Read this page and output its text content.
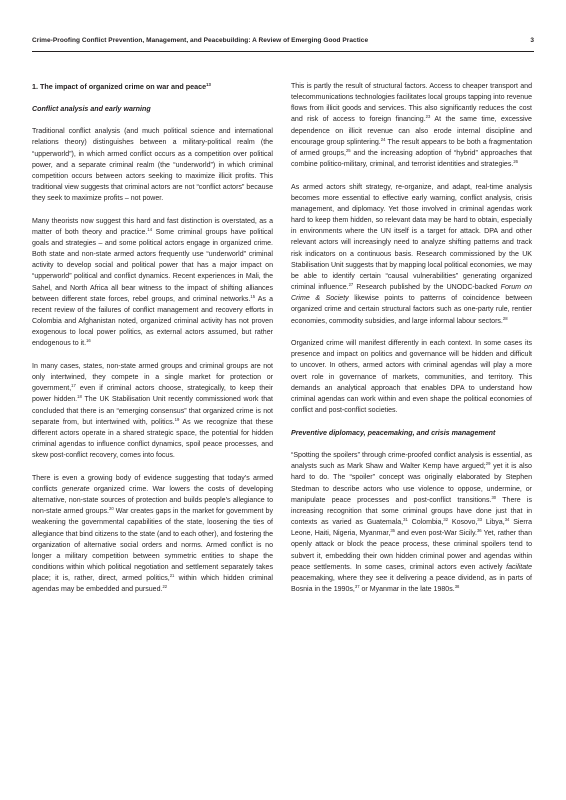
Crime-Proofing Conflict Prevention, Management, and Peacebuilding: A Review of Emerging Good Practice	3
1. The impact of organized crime on war and peace$^{13}$
Conflict analysis and early warning

Traditional conflict analysis (and much political science and international relations theory) distinguishes between a military-political realm (the “upperworld”), in which armed conflict occurs as a competition over political power, and a separate criminal realm (the “underworld”) in which criminal competition occurs between actors seeking to maximize illicit profits. This traditional view suggests that criminal actors are not “conflict actors” because they seek to maximize profits – not power.

Many theorists now suggest this hard and fast distinction is overstated, as a matter of both theory and practice.$^{14}$ Some criminal groups have political goals and strategies – and some political actors engage in organized crime. Both state and non-state armed actors frequently use “underworld” criminal activity to develop social and political power that has a major impact on “upperworld” political and conflict dynamics. Recent experiences in Mali, the Sahel, and North Africa all bear witness to the impact of shifting alliances between different state forces, rebel groups, and criminal networks.$^{15}$ As a recent review of the failures of conflict management and recovery efforts in Colombia and Afghanistan noted, organized criminal activity has not proven exogenous to local power politics, as external actors assumed, but rather endogenous to it.$^{16}$

In many cases, states, non-state armed groups and criminal groups are not only intertwined, they compete in a single market for protection or government,$^{17}$ even if criminal actors choose, strategically, to keep their power hidden.$^{18}$ The UK Stabilisation Unit recently commissioned work that concluded that there is an “emerging consensus” that organized crime is not separate from, but intertwined with, politics.$^{19}$ As we recognize that these different actors operate in a shared strategic space, the potential for hidden criminal agendas to influence conflict dynamics, spoil peace processes, and skew post-conflict recovery, comes into focus.

There is even a growing body of evidence suggesting that today’s armed conflicts generate organized crime. War lowers the costs of developing alternative, non-state sources of protection and builds people’s allegiance to non-state armed groups.$^{20}$ War creates gaps in the market for government by weakening the governmental capabilities of the state, loosening the ties of allegiance that bind citizens to the state (and to each other), and fostering the organization of alternative social orders and norms. Armed conflict is no longer a military competition between symmetric entities to shape the conditions within which political negotiation and settlement separately takes place; it is, rather, direct, armed politics,$^{21}$ within which hidden criminal agendas may be embedded and pursued.$^{22}$

This is partly the result of structural factors. Access to cheaper transport and telecommunications technologies facilitates local groups tapping into revenue flows from illicit goods and services. This also significantly reduces the cost and risk of access to foreign financing.$^{23}$ At the same time, excessive dependence on illicit revenue can also erode internal discipline and encourage group splintering.$^{24}$ The result appears to be both a fragmentation of armed groups,$^{25}$ and the increasing adoption of “hybrid” approaches that combine politico-military, criminal, and terrorist identities and strategies.$^{26}$

As armed actors shift strategy, re-organize, and adapt, real-time analysis becomes more essential to effective early warning, conflict analysis, crisis management, and diplomacy. Yet those involved in criminal agendas work hard to keep them hidden, so relevant data may be hard to obtain, especially in environments where the UN itself is a target for attack. DPA and other relevant actors will increasingly need to analyze shifting patterns and track risk indicators on a continuous basis. Research commissioned by the UK Stabilisation Unit suggests that by mapping local political economies, we may be able to identify certain “causal vulnerabilities” generating organized criminal influence.$^{27}$ Research published by the UNODC-backed Forum on Crime & Society likewise points to patterns of coincidence between organized crime and certain structural factors such as one-party rule, rentier economies, commodity subsidies, and large informal labour sectors.$^{28}$

Organized crime will manifest differently in each context. In some cases its presence and impact on politics and governance will be hidden and difficult to uncover. In others, armed actors with criminal agendas will play a more overt role in governance of markets, communities, and territory. This demands an analytical approach that enables DPA to understand how criminal agendas can work within and even shape the political economies of conflict and post-conflict societies.

Preventive diplomacy, peacemaking, and crisis management

“Spotting the spoilers” through crime-proofed conflict analysis is essential, as analysts such as Mark Shaw and Walter Kemp have argued;$^{29}$ yet it is also hard to do. The “spoiler” concept was originally elaborated by Stephen Stedman to describe actors who use violence to oppose, undermine, or manipulate peace processes and post-conflict transitions.$^{30}$ There is increasing recognition that some criminal groups have done just that in contexts as varied as Guatemala,$^{31}$ Colombia,$^{32}$ Kosovo,$^{33}$ Libya,$^{34}$ Sierra Leone, Haiti, Nigeria, Myanmar,$^{35}$ and even post-War Sicily.$^{36}$ Yet, rather than openly attack or block the peace process, these criminal spoilers tend to subvert it, embedding their own hidden criminal power and agendas within peace settlements. In some cases, criminal actors even actively facilitate peacemaking, where they see it delivering a peace dividend, as in parts of Bosnia in the 1990s,$^{37}$ or Myanmar in the late 1980s.$^{38}$
